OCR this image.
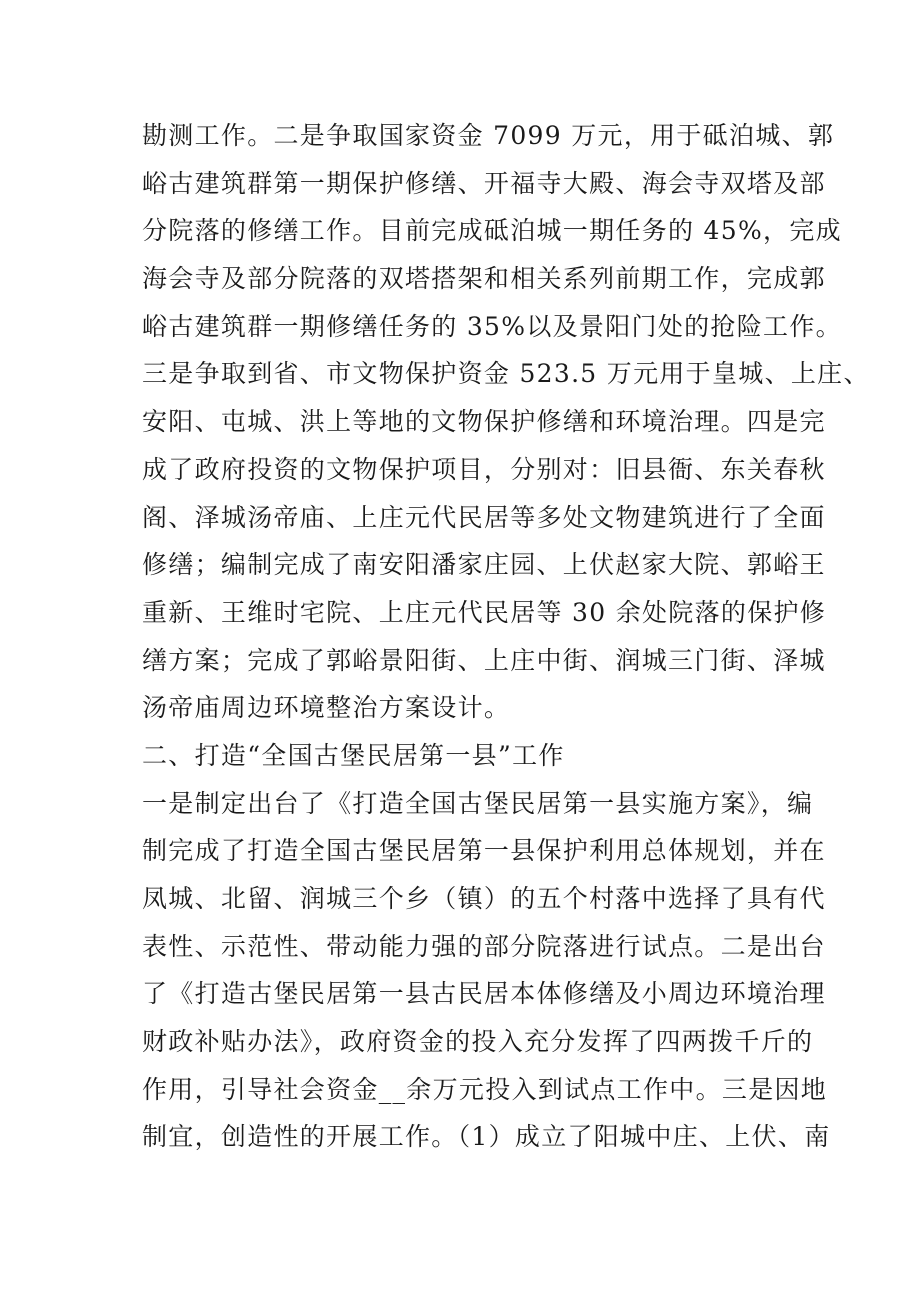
勘测工作。二是争取国家资金 7099 万元，用于砥泊城、郭
峪古建筑群第一期保护修缮、开福寺大殿、海会寺双塔及部
分院落的修缮工作。目前完成砥泊城一期任务的 45%，完成
海会寺及部分院落的双塔搭架和相关系列前期工作，完成郭
峪古建筑群一期修缮任务的 35%以及景阳门处的抢险工作。
三是争取到省、市文物保护资金 523.5 万元用于皇城、上庄、
安阳、屯城、洪上等地的文物保护修缮和环境治理。四是完
成了政府投资的文物保护项目，分别对：旧县衙、东关春秋
阁、泽城汤帝庙、上庄元代民居等多处文物建筑进行了全面
修缮；编制完成了南安阳潘家庄园、上伏赵家大院、郭峪王
重新、王维时宅院、上庄元代民居等 30 余处院落的保护修
缮方案；完成了郭峪景阳街、上庄中街、润城三门街、泽城
汤帝庙周边环境整治方案设计。
二、打造“全国古堡民居第一县”工作
一是制定出台了《打造全国古堡民居第一县实施方案》，编
制完成了打造全国古堡民居第一县保护利用总体规划，并在
凤城、北留、润城三个乡（镇）的五个村落中选择了具有代
表性、示范性、带动能力强的部分院落进行试点。二是出台
了《打造古堡民居第一县古民居本体修缮及小周边环境治理
财政补贴办法》，政府资金的投入充分发挥了四两拨千斤的
作用，引导社会资金__余万元投入到试点工作中。三是因地
制宜，创造性的开展工作。（1）成立了阳城中庄、上伏、南
